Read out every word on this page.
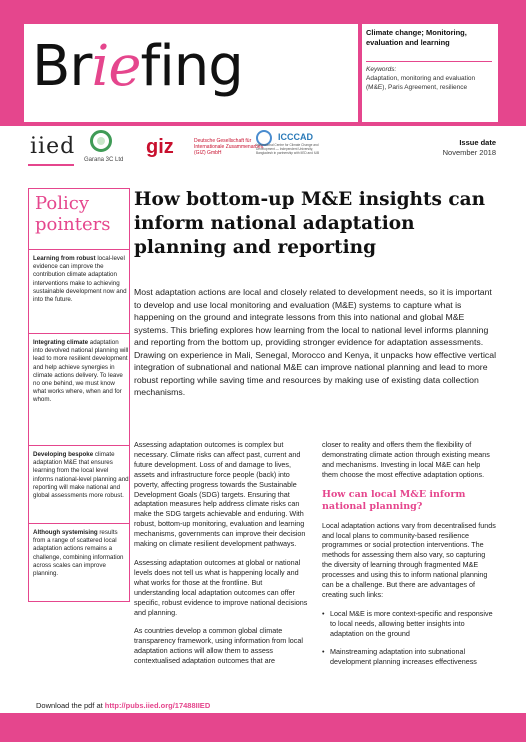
Briefing
Climate change; Monitoring, evaluation and learning
Keywords:
Adaptation, monitoring and evaluation (M&E), Paris Agreement, resilience
iied
Garana 3C Ltd
giz	Deutsche Gesellschaft für Internationale Zusammenarbeit (GIZ) GmbH
ICCCAD
International Centre for Climate Change and Development — Independent University, Bangladesh in partnership with IIED and IUB
Issue date
November 2018
Policy
pointers
Learning from robust local-level evidence can improve the contribution climate adaptation interventions make to achieving sustainable development now and into the future.
Integrating climate adaptation into devolved national planning will lead to more resilient development and help achieve synergies in climate actions delivery. To leave no one behind, we must know what works where, when and for whom.
Developing bespoke climate adaptation M&E that ensures learning from the local level informs national-level planning and reporting will make national and global assessments more robust.
Although systemising results from a range of scattered local adaptation actions remains a challenge, combining information across scales can improve planning.
How bottom-up M&E insights can inform national adaptation planning and reporting

Most adaptation actions are local and closely related to development needs, so it is important to develop and use local monitoring and evaluation (M&E) systems to capture what is happening on the ground and integrate lessons from this into national and global M&E systems. This briefing explores how learning from the local to national level informs planning and reporting from the bottom up, providing stronger evidence for adaptation assessments. Drawing on experience in Mali, Senegal, Morocco and Kenya, it unpacks how effective vertical integration of subnational and national M&E can improve national planning and lead to more robust reporting while saving time and resources by making use of existing data collection mechanisms.

Assessing adaptation outcomes is complex but necessary. Climate risks can affect past, current and future development. Loss of and damage to lives, assets and infrastructure force people (back) into poverty, affecting progress towards the Sustainable Development Goals (SDG) targets. Ensuring that adaptation measures help address climate risks can make the SDG targets achievable and enduring. With robust, bottom-up monitoring, evaluation and learning mechanisms, governments can improve their decision making on climate resilient development pathways.

Assessing adaptation outcomes at global or national levels does not tell us what is happening locally and what works for those at the frontline. But understanding local adaptation outcomes can offer specific, robust evidence to improve national decisions and planning.

As countries develop a common global climate transparency framework, using information from local adaptation actions will allow them to assess contextualised adaptation outcomes that are

closer to reality and offers them the flexibility of demonstrating climate action through existing means and mechanisms. Investing in local M&E can help them choose the most effective adaptation options.

How can local M&E inform national planning?

Local adaptation actions vary from decentralised funds and local plans to community-based resilience programmes or social protection interventions. The methods for assessing them also vary, so capturing the diversity of learning through fragmented M&E processes and using this to inform national planning can be a challenge. But there are advantages of creating such links:

• Local M&E is more context-specific and responsive to local needs, allowing better insights into adaptation on the ground
• Mainstreaming adaptation into subnational development planning increases effectiveness
Download the pdf at http://pubs.iied.org/17488IIED
